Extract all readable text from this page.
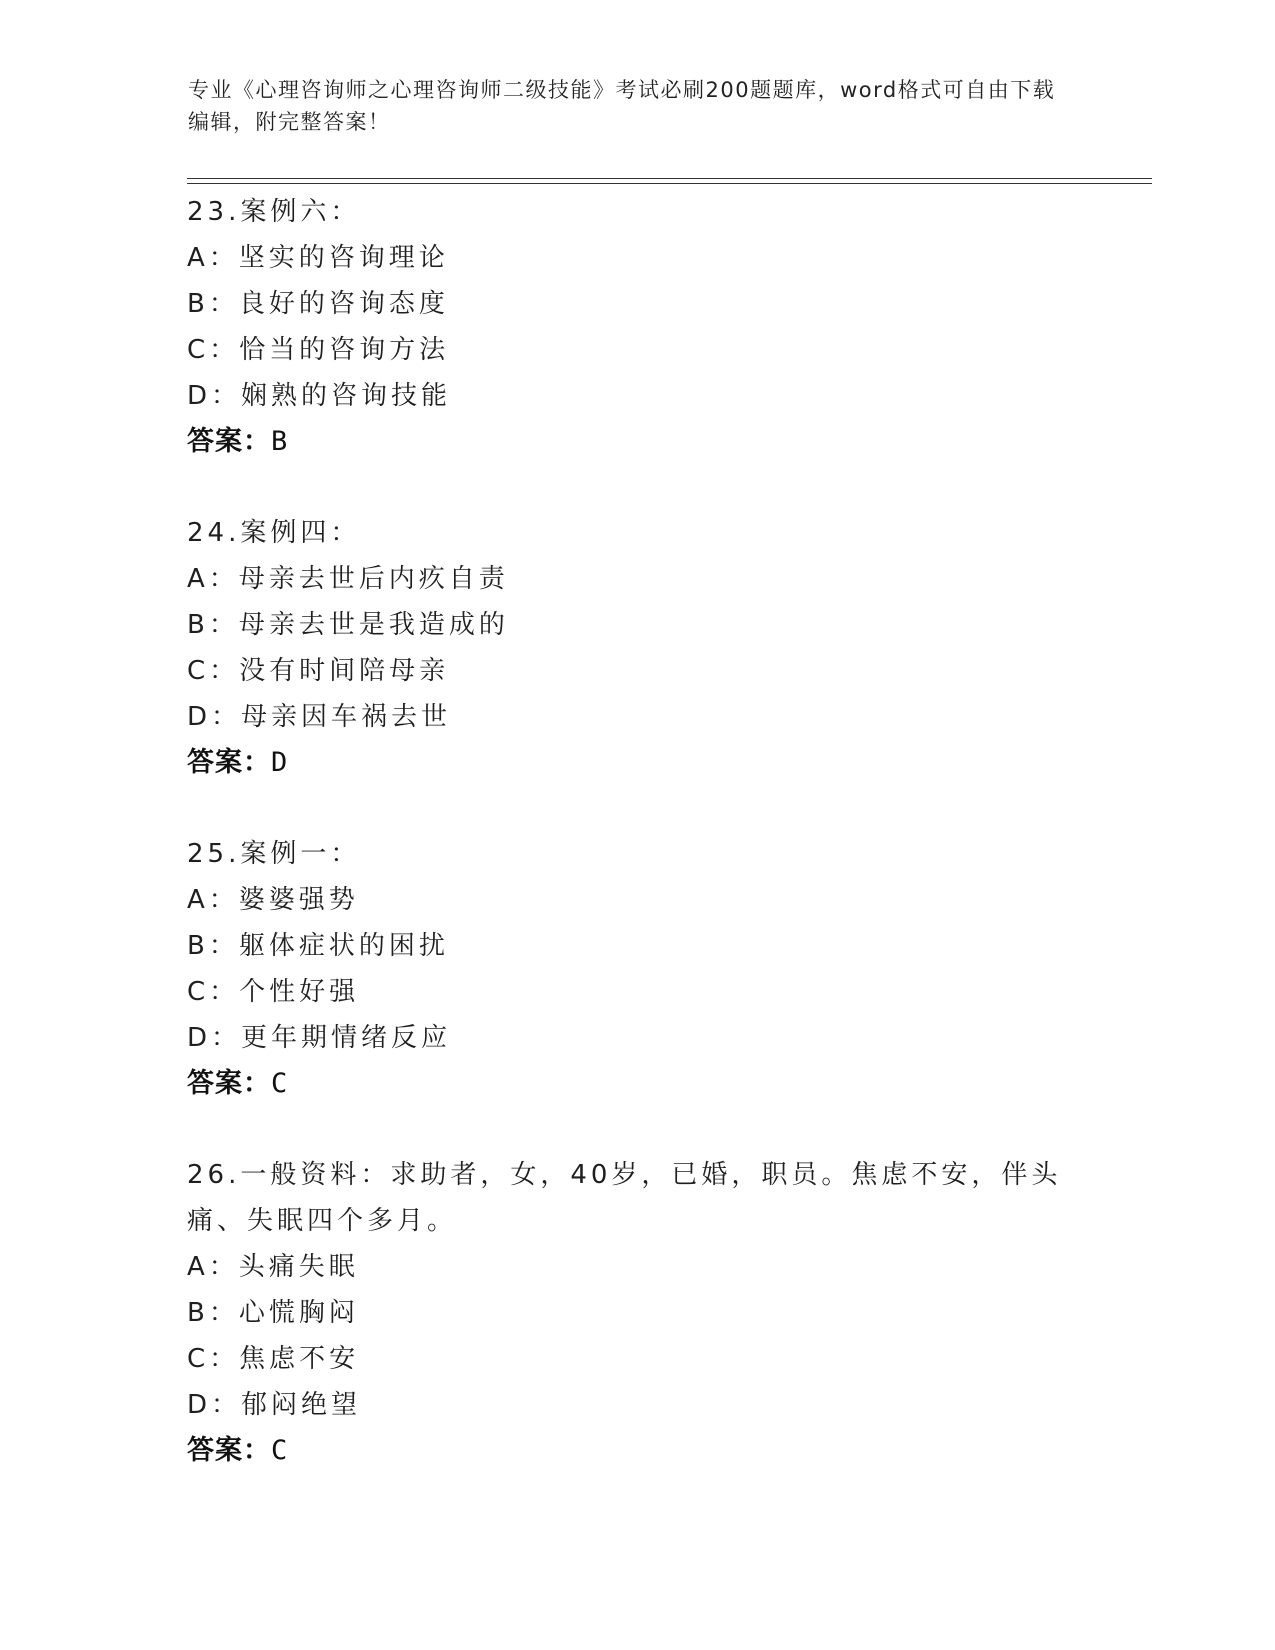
专业《心理咨询师之心理咨询师二级技能》考试必刷200题题库，word格式可自由下载编辑，附完整答案！
23.案例六：
A：坚实的咨询理论
B：良好的咨询态度
C：恰当的咨询方法
D：娴熟的咨询技能
答案：B
24.案例四：
A：母亲去世后内疚自责
B：母亲去世是我造成的
C：没有时间陪母亲
D：母亲因车祸去世
答案：D
25.案例一：
A：婆婆强势
B：躯体症状的困扰
C：个性好强
D：更年期情绪反应
答案：C
26.一般资料：求助者，女，40岁，已婚，职员。焦虑不安，伴头痛、失眠四个多月。
A：头痛失眠
B：心慌胸闷
C：焦虑不安
D：郁闷绝望
答案：C
